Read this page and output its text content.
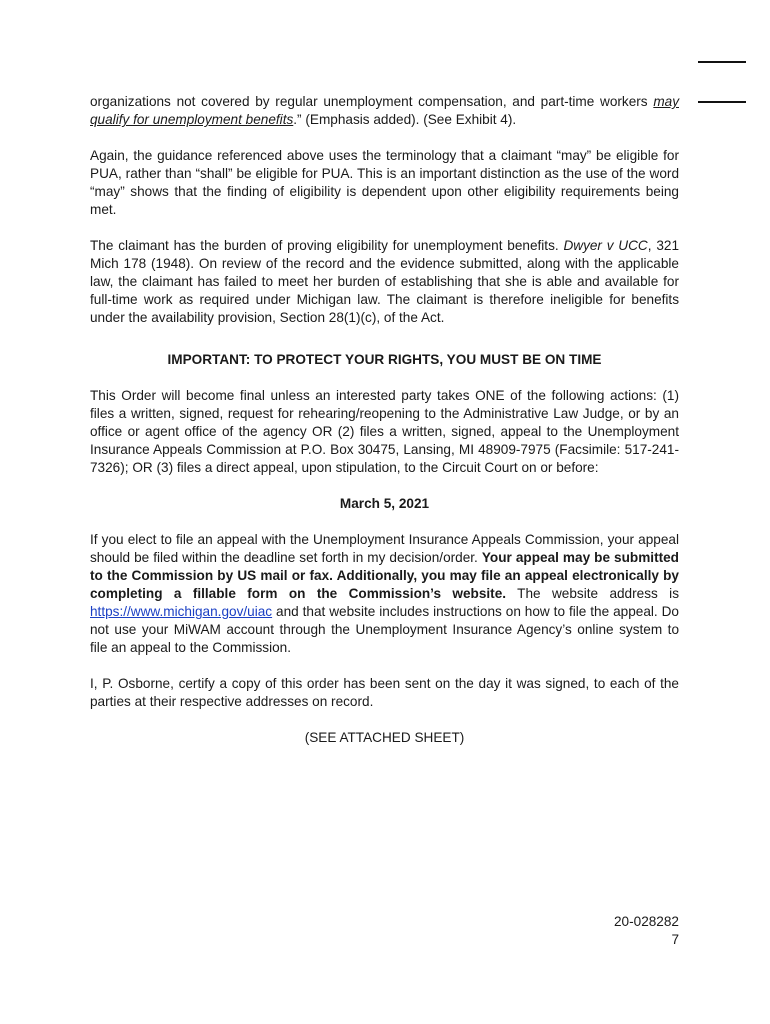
organizations not covered by regular unemployment compensation, and part-time workers may qualify for unemployment benefits.” (Emphasis added). (See Exhibit 4).

Again, the guidance referenced above uses the terminology that a claimant “may” be eligible for PUA, rather than “shall” be eligible for PUA. This is an important distinction as the use of the word “may” shows that the finding of eligibility is dependent upon other eligibility requirements being met.

The claimant has the burden of proving eligibility for unemployment benefits. Dwyer v UCC, 321 Mich 178 (1948). On review of the record and the evidence submitted, along with the applicable law, the claimant has failed to meet her burden of establishing that she is able and available for full-time work as required under Michigan law. The claimant is therefore ineligible for benefits under the availability provision, Section 28(1)(c), of the Act.

IMPORTANT: TO PROTECT YOUR RIGHTS, YOU MUST BE ON TIME

This Order will become final unless an interested party takes ONE of the following actions: (1) files a written, signed, request for rehearing/reopening to the Administrative Law Judge, or by an office or agent office of the agency OR (2) files a written, signed, appeal to the Unemployment Insurance Appeals Commission at P.O. Box 30475, Lansing, MI 48909-7975 (Facsimile: 517-241-7326); OR (3) files a direct appeal, upon stipulation, to the Circuit Court on or before:

March 5, 2021

If you elect to file an appeal with the Unemployment Insurance Appeals Commission, your appeal should be filed within the deadline set forth in my decision/order. Your appeal may be submitted to the Commission by US mail or fax. Additionally, you may file an appeal electronically by completing a fillable form on the Commission’s website. The website address is https://www.michigan.gov/uiac and that website includes instructions on how to file the appeal. Do not use your MiWAM account through the Unemployment Insurance Agency’s online system to file an appeal to the Commission.

I, P. Osborne, certify a copy of this order has been sent on the day it was signed, to each of the parties at their respective addresses on record.

(SEE ATTACHED SHEET)
20-028282
7
